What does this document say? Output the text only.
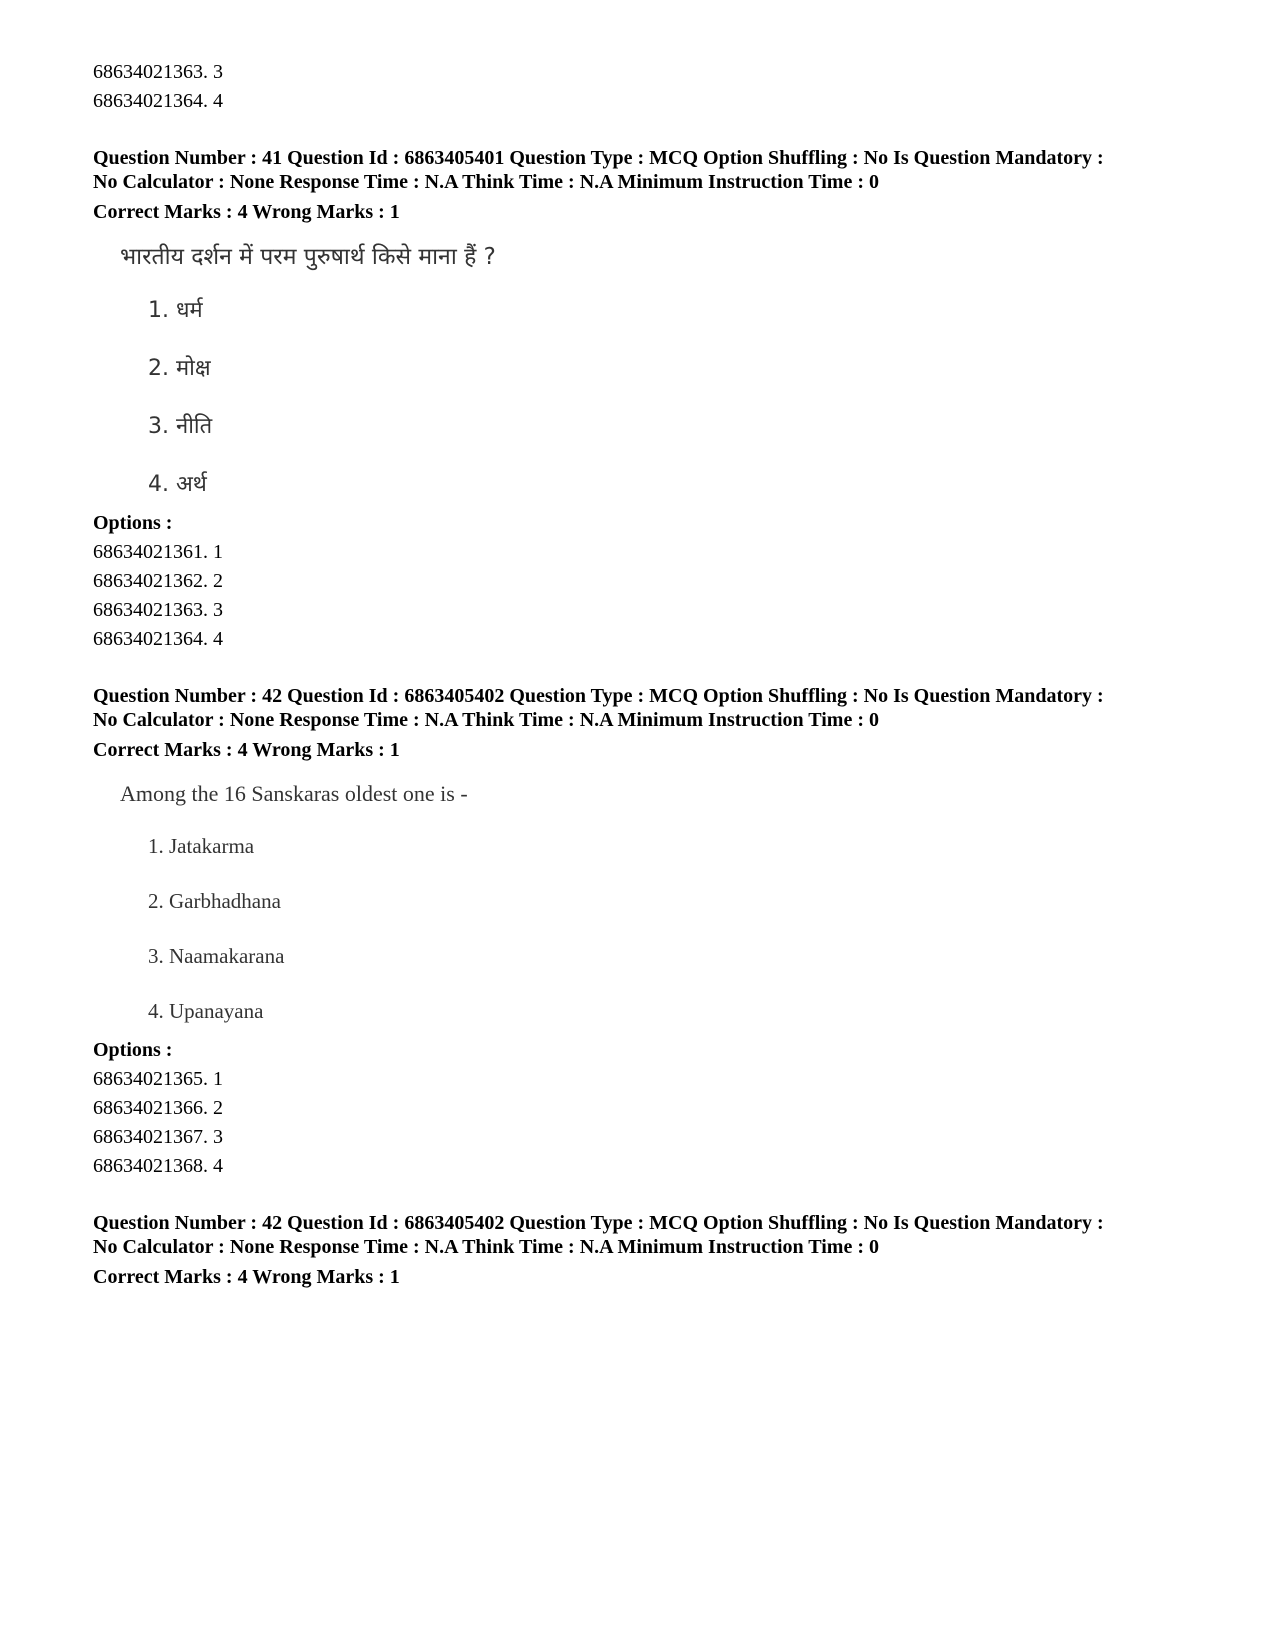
68634021363. 3
68634021364. 4
Question Number : 41 Question Id : 6863405401 Question Type : MCQ Option Shuffling : No Is Question Mandatory :
No Calculator : None Response Time : N.A Think Time : N.A Minimum Instruction Time : 0
Correct Marks : 4 Wrong Marks : 1
भारतीय दर्शन में परम पुरुषार्थ किसे माना हैं ?
1. धर्म
2. मोक्ष
3. नीति
4. अर्थ
Options :
68634021361. 1
68634021362. 2
68634021363. 3
68634021364. 4
Question Number : 42 Question Id : 6863405402 Question Type : MCQ Option Shuffling : No Is Question Mandatory :
No Calculator : None Response Time : N.A Think Time : N.A Minimum Instruction Time : 0
Correct Marks : 4 Wrong Marks : 1
Among the 16 Sanskaras oldest one is -
1. Jatakarma
2. Garbhadhana
3. Naamakarana
4. Upanayana
Options :
68634021365. 1
68634021366. 2
68634021367. 3
68634021368. 4
Question Number : 42 Question Id : 6863405402 Question Type : MCQ Option Shuffling : No Is Question Mandatory :
No Calculator : None Response Time : N.A Think Time : N.A Minimum Instruction Time : 0
Correct Marks : 4 Wrong Marks : 1
